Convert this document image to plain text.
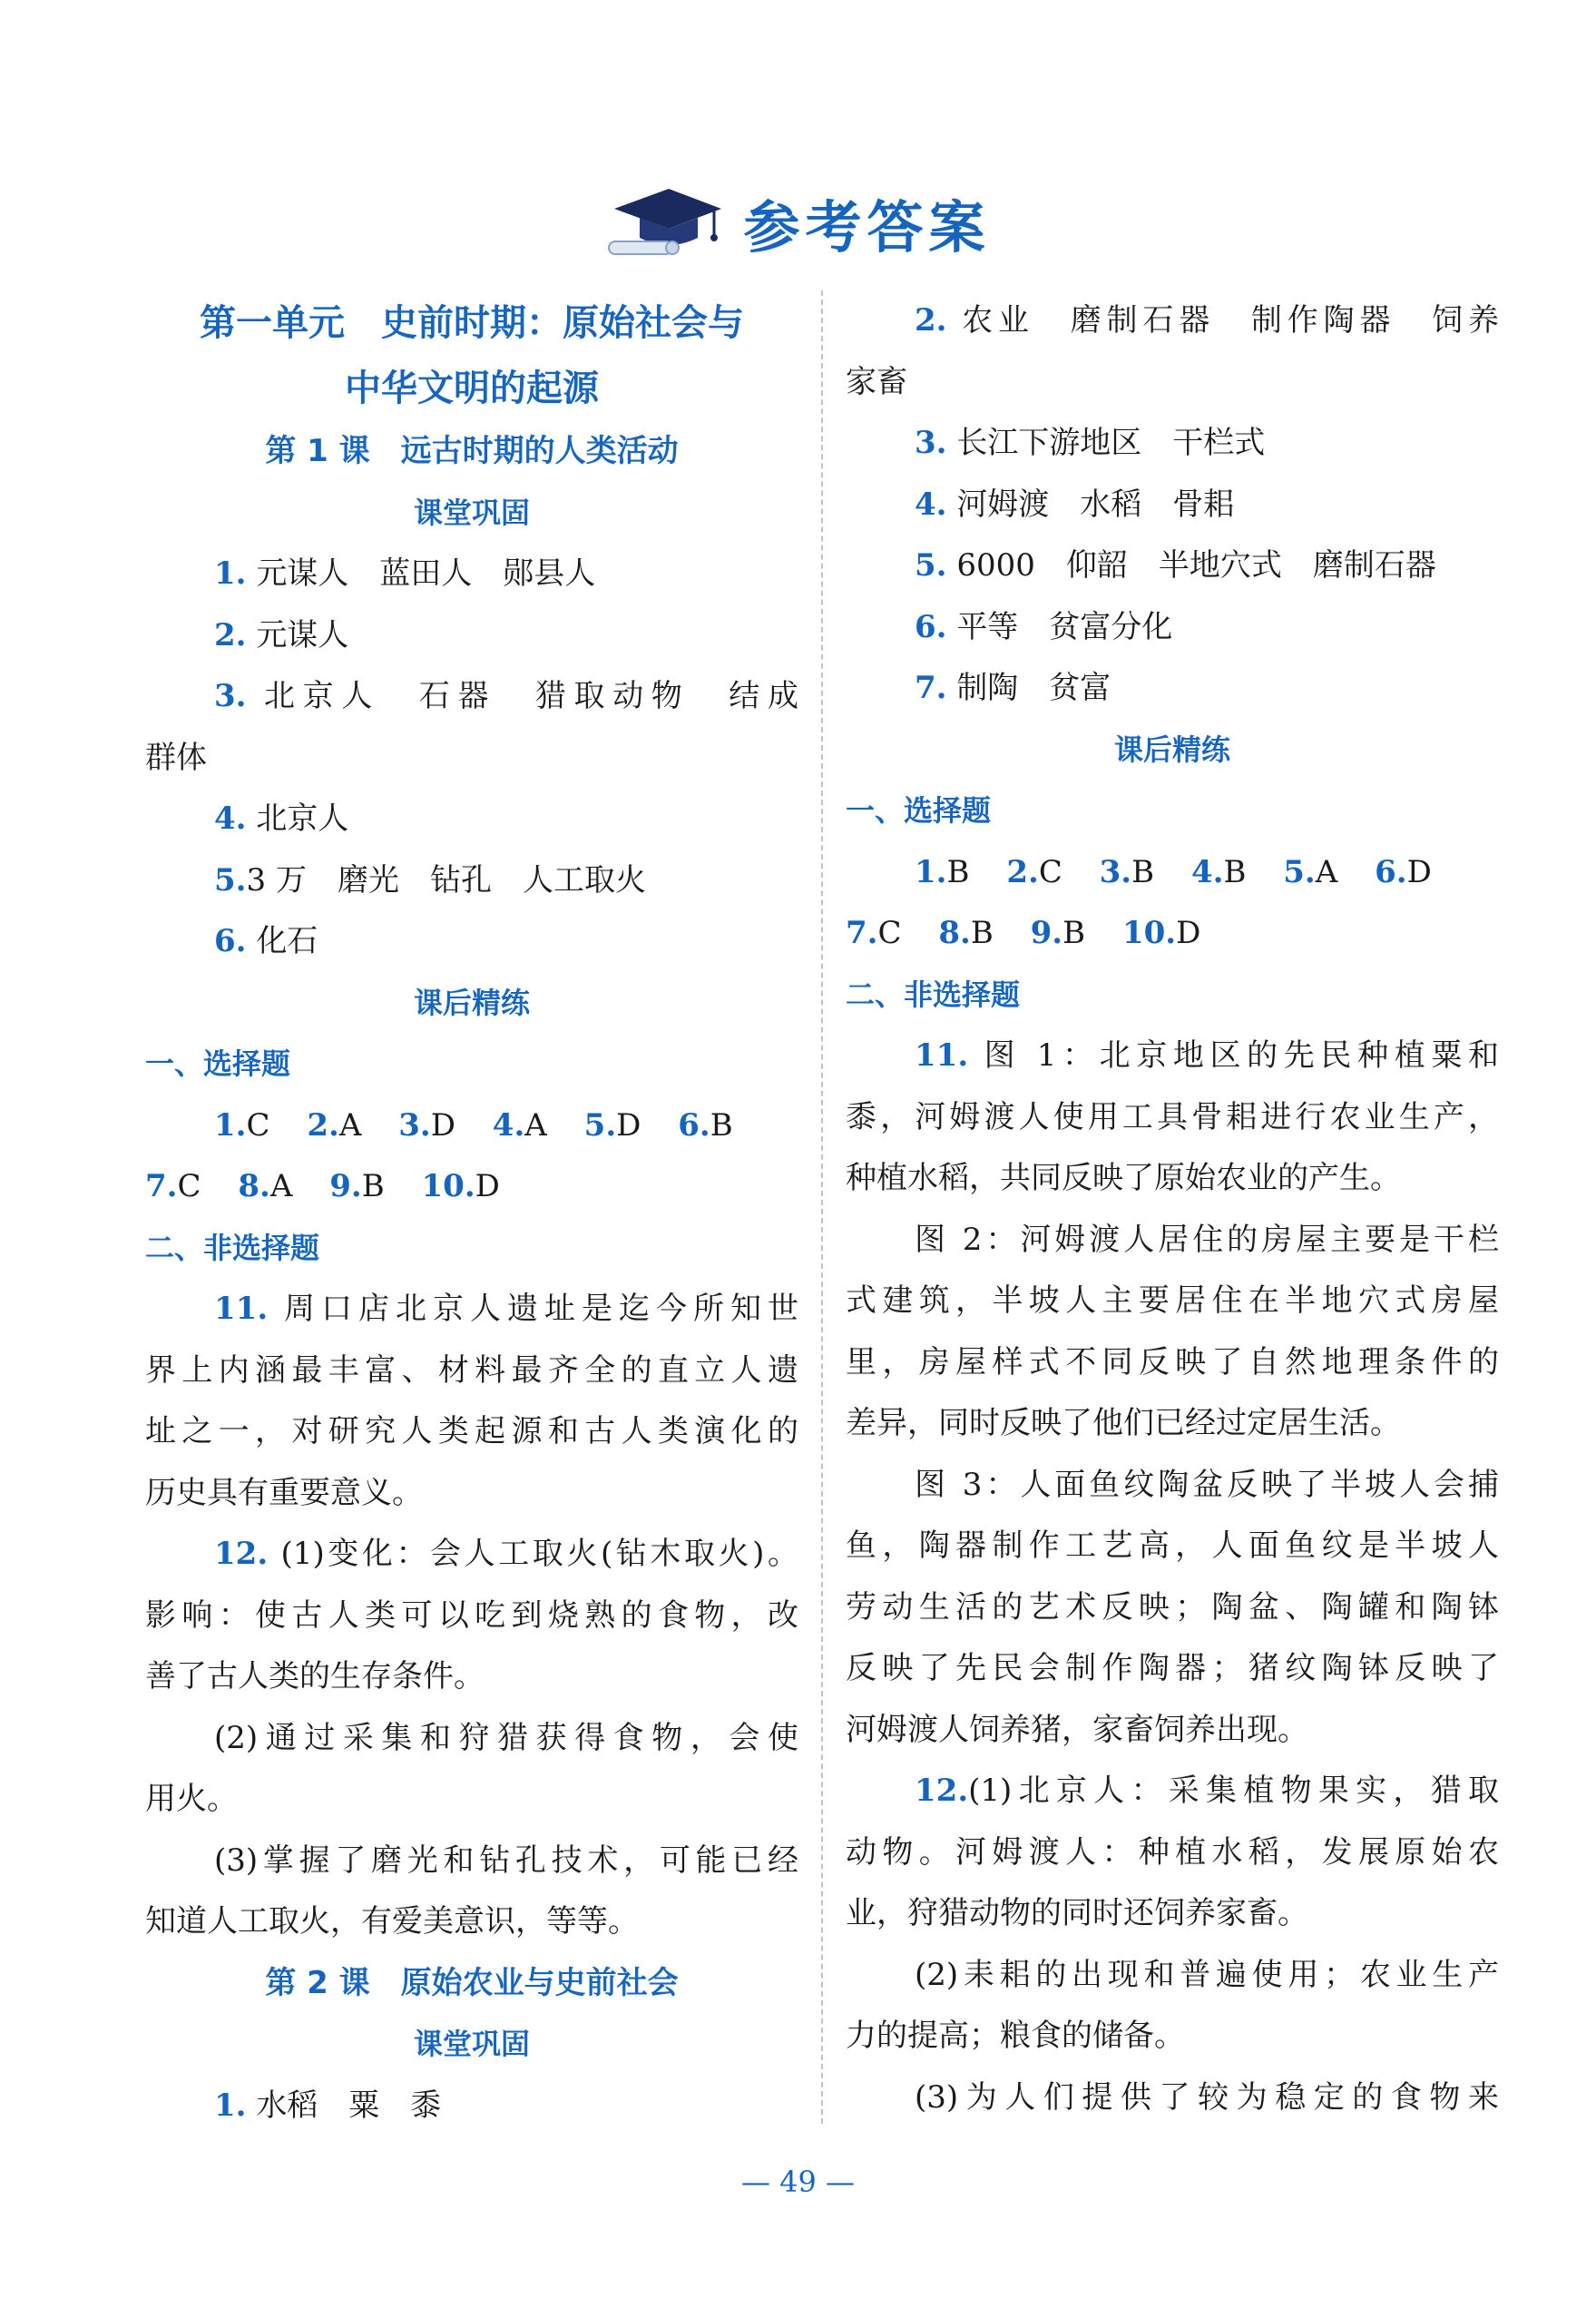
参考答案
第一单元　史前时期：原始社会与
中华文明的起源
第 1 课　远古时期的人类活动
课堂巩固
1. 元谋人　蓝田人　郧县人
2. 元谋人
3. 北京人　石器　猎取动物　结成
群体
4. 北京人
5.3 万　磨光　钻孔　人工取火
6. 化石
课后精练
一、选择题
1.C 2.A 3.D 4.A 5.D 6.B
7.C 8.A 9.B 10.D
二、非选择题
11. 周口店北京人遗址是迄今所知世
界上内涵最丰富、材料最齐全的直立人遗
址之一，对研究人类起源和古人类演化的
历史具有重要意义。
12. (1)变化：会人工取火(钻木取火)。
影响：使古人类可以吃到烧熟的食物，改
善了古人类的生存条件。
(2)通过采集和狩猎获得食物，会使
用火。
(3)掌握了磨光和钻孔技术，可能已经
知道人工取火，有爱美意识，等等。
第 2 课　原始农业与史前社会
课堂巩固
1. 水稻　粟　黍
2. 农业　磨制石器　制作陶器　饲养
家畜
3. 长江下游地区　干栏式
4. 河姆渡　水稻　骨耜
5. 6000　仰韶　半地穴式　磨制石器
6. 平等　贫富分化
7. 制陶　贫富
课后精练
一、选择题
1.B 2.C 3.B 4.B 5.A 6.D
7.C 8.B 9.B 10.D
二、非选择题
11. 图 1：北京地区的先民种植粟和
黍，河姆渡人使用工具骨耜进行农业生产，
种植水稻，共同反映了原始农业的产生。
图 2：河姆渡人居住的房屋主要是干栏
式建筑，半坡人主要居住在半地穴式房屋
里，房屋样式不同反映了自然地理条件的
差异，同时反映了他们已经过定居生活。
图 3：人面鱼纹陶盆反映了半坡人会捕
鱼，陶器制作工艺高，人面鱼纹是半坡人
劳动生活的艺术反映；陶盆、陶罐和陶钵
反映了先民会制作陶器；猪纹陶钵反映了
河姆渡人饲养猪，家畜饲养出现。
12.(1)北京人：采集植物果实，猎取
动物。河姆渡人：种植水稻，发展原始农
业，狩猎动物的同时还饲养家畜。
(2)耒耜的出现和普遍使用；农业生产
力的提高；粮食的储备。
(3)为人们提供了较为稳定的食物来
— 49 —
